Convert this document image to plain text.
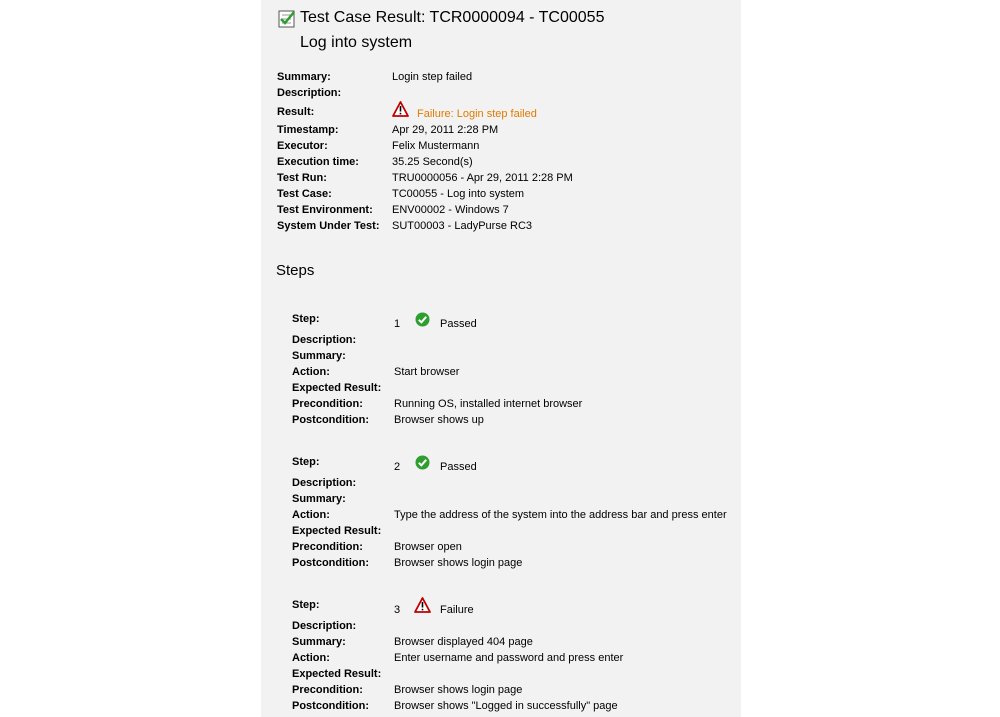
Test Case Result: TCR0000094 - TC00055
Log into system
Summary:	Login step failed
Description:
Result:	Failure: Login step failed
Timestamp:	Apr 29, 2011 2:28 PM
Executor:	Felix Mustermann
Execution time:	35.25 Second(s)
Test Run:	TRU0000056 - Apr 29, 2011 2:28 PM
Test Case:	TC00055 - Log into system
Test Environment: ENV00002 - Windows 7
System Under Test: SUT00003 - LadyPurse RC3
Steps
Step:	1	Passed
Description:
Summary:
Action:	Start browser
Expected Result:
Precondition:	Running OS, installed internet browser
Postcondition: Browser shows up
Step:	2	Passed
Description:
Summary:
Action:	Type the address of the system into the address bar and press enter
Expected Result:
Precondition:	Browser open
Postcondition: Browser shows login page
Step:	3	Failure
Description:
Summary:	Browser displayed 404 page
Action:	Enter username and password and press enter
Expected Result:
Precondition:	Browser shows login page
Postcondition: Browser shows "Logged in successfully" page
